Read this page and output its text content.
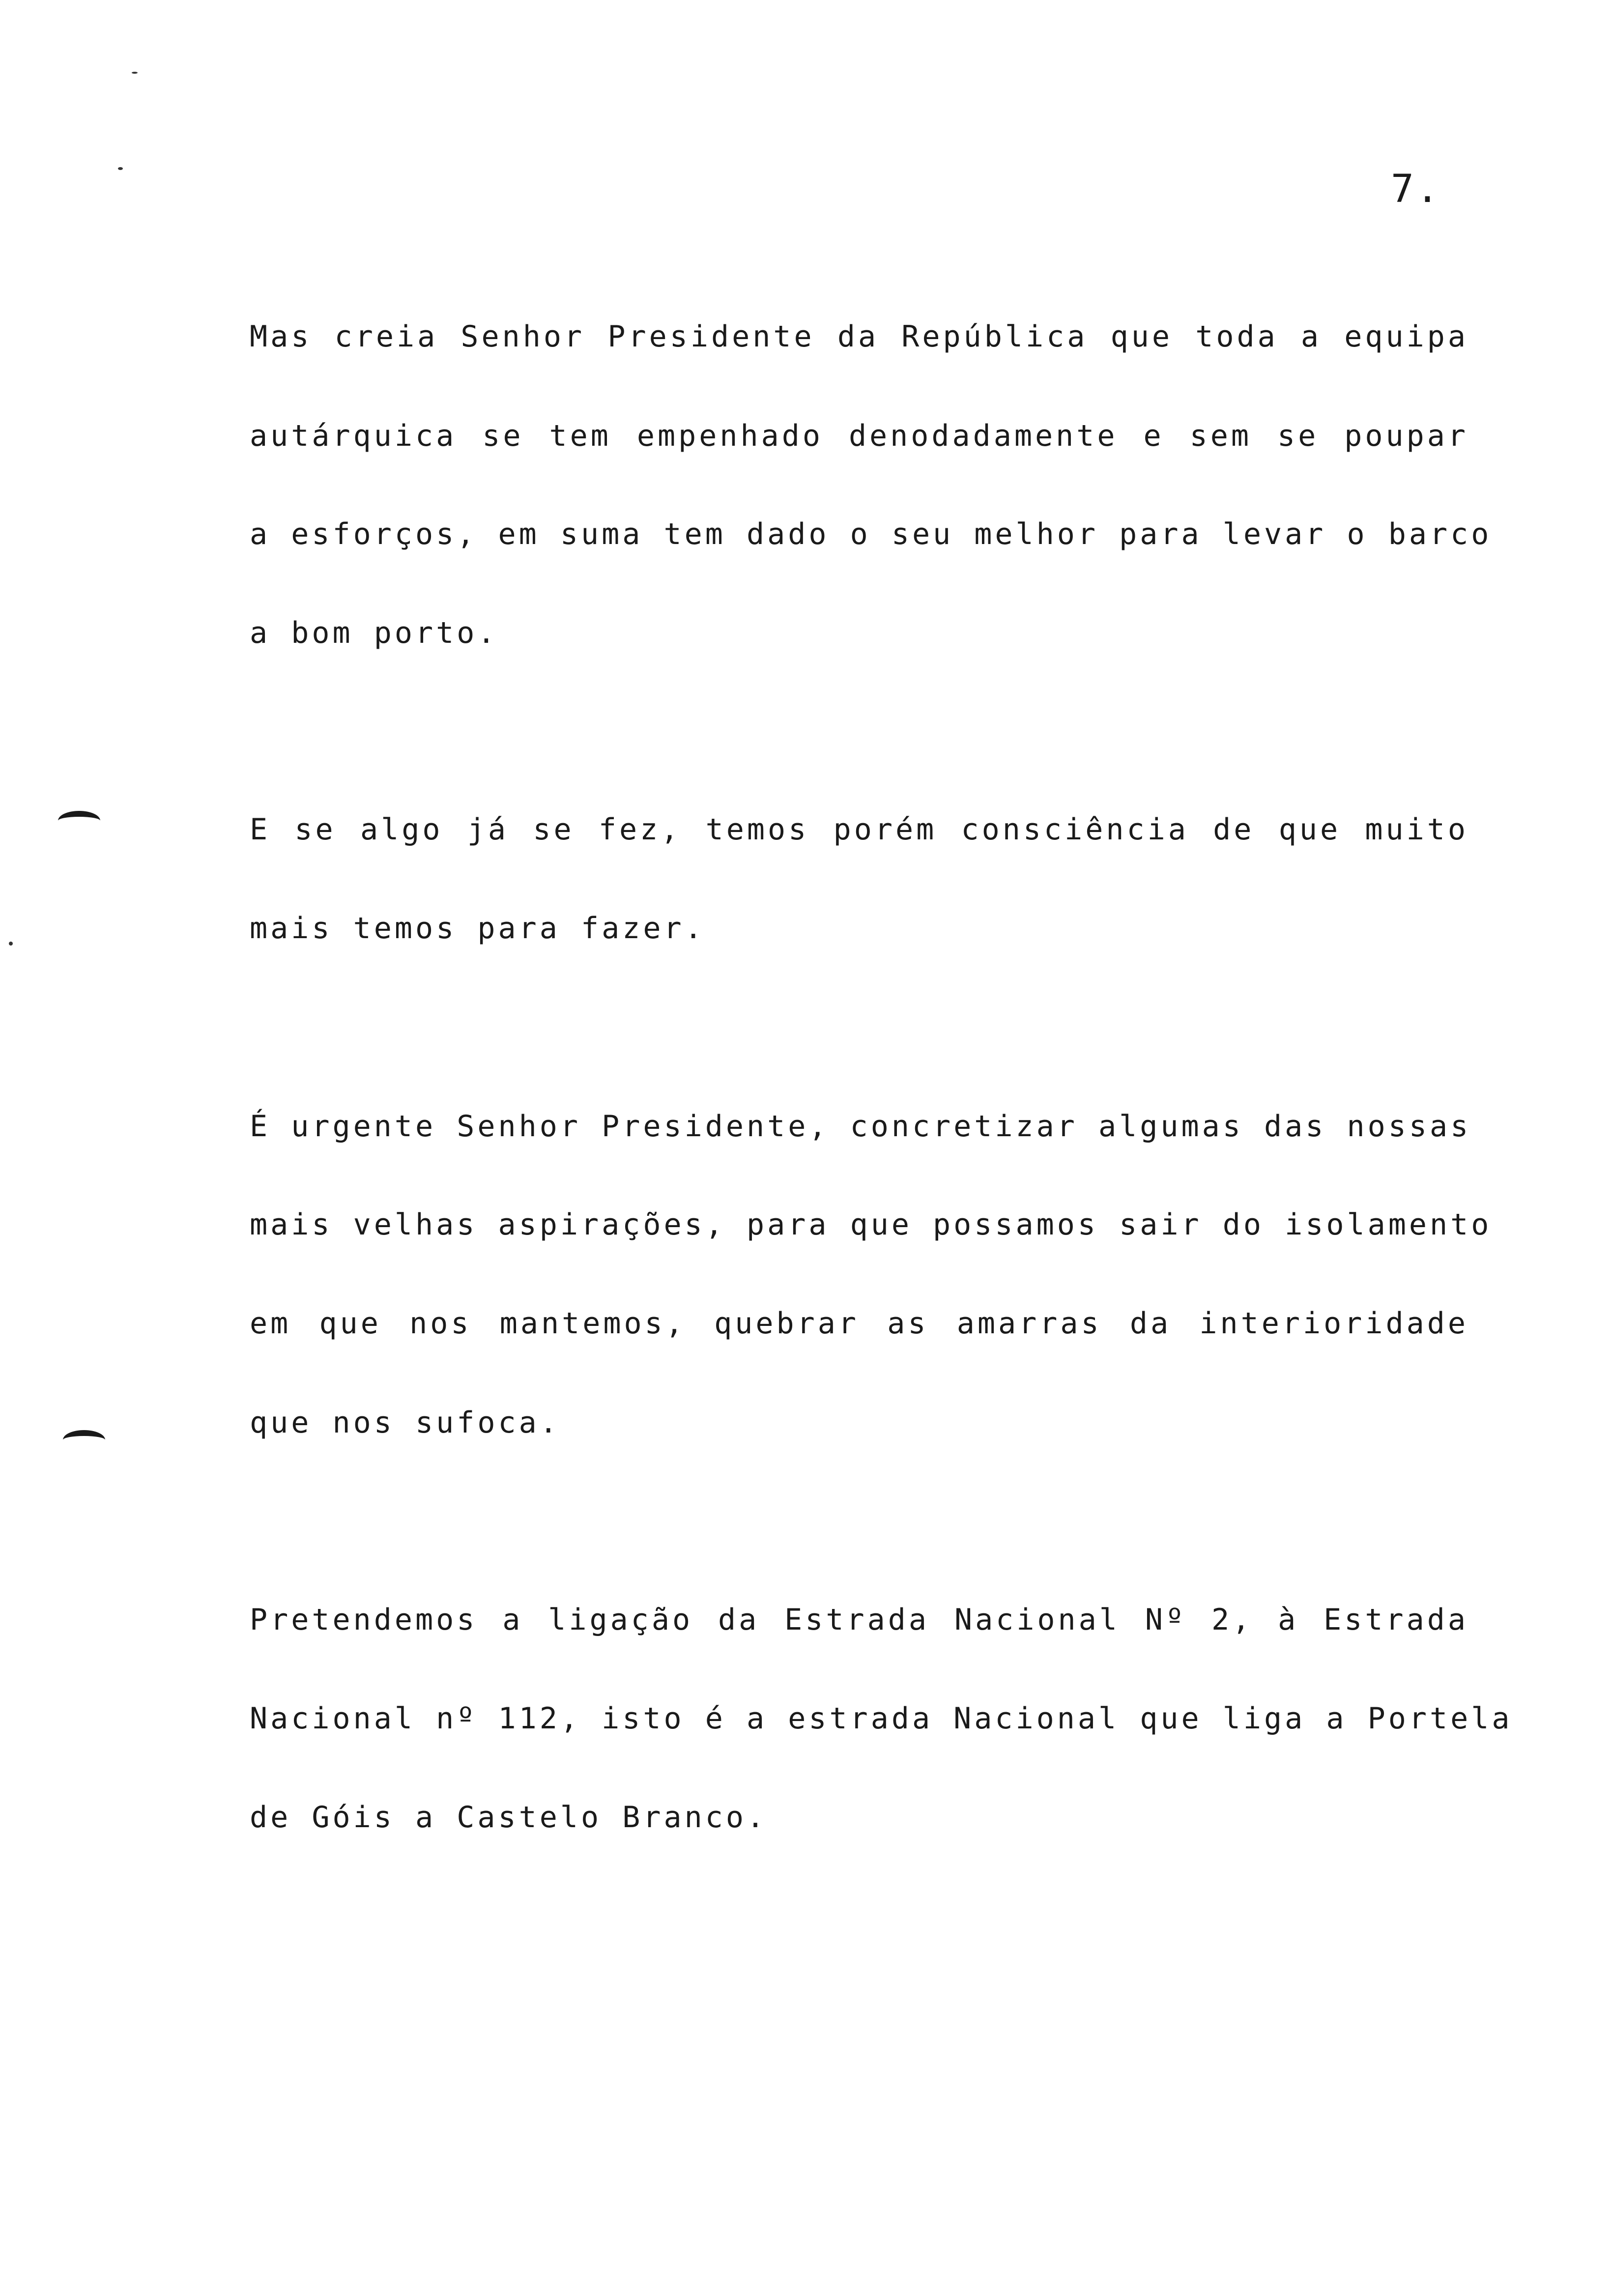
7.
Mas creia Senhor Presidente da República que toda a equipa
autárquica se tem empenhado denodadamente e sem se poupar
a esforços, em suma tem dado o seu melhor para levar o barco
a bom porto.
E se algo já se fez, temos porém consciência de que muito
mais temos para fazer.
É urgente Senhor Presidente, concretizar algumas das nossas
mais velhas aspirações, para que possamos sair do isolamento
em que nos mantemos, quebrar as amarras da interioridade
que nos sufoca.
Pretendemos a ligação da Estrada Nacional Nº 2, à Estrada
Nacional nº 112, isto é a estrada Nacional que liga a Portela
de Góis a Castelo Branco.
